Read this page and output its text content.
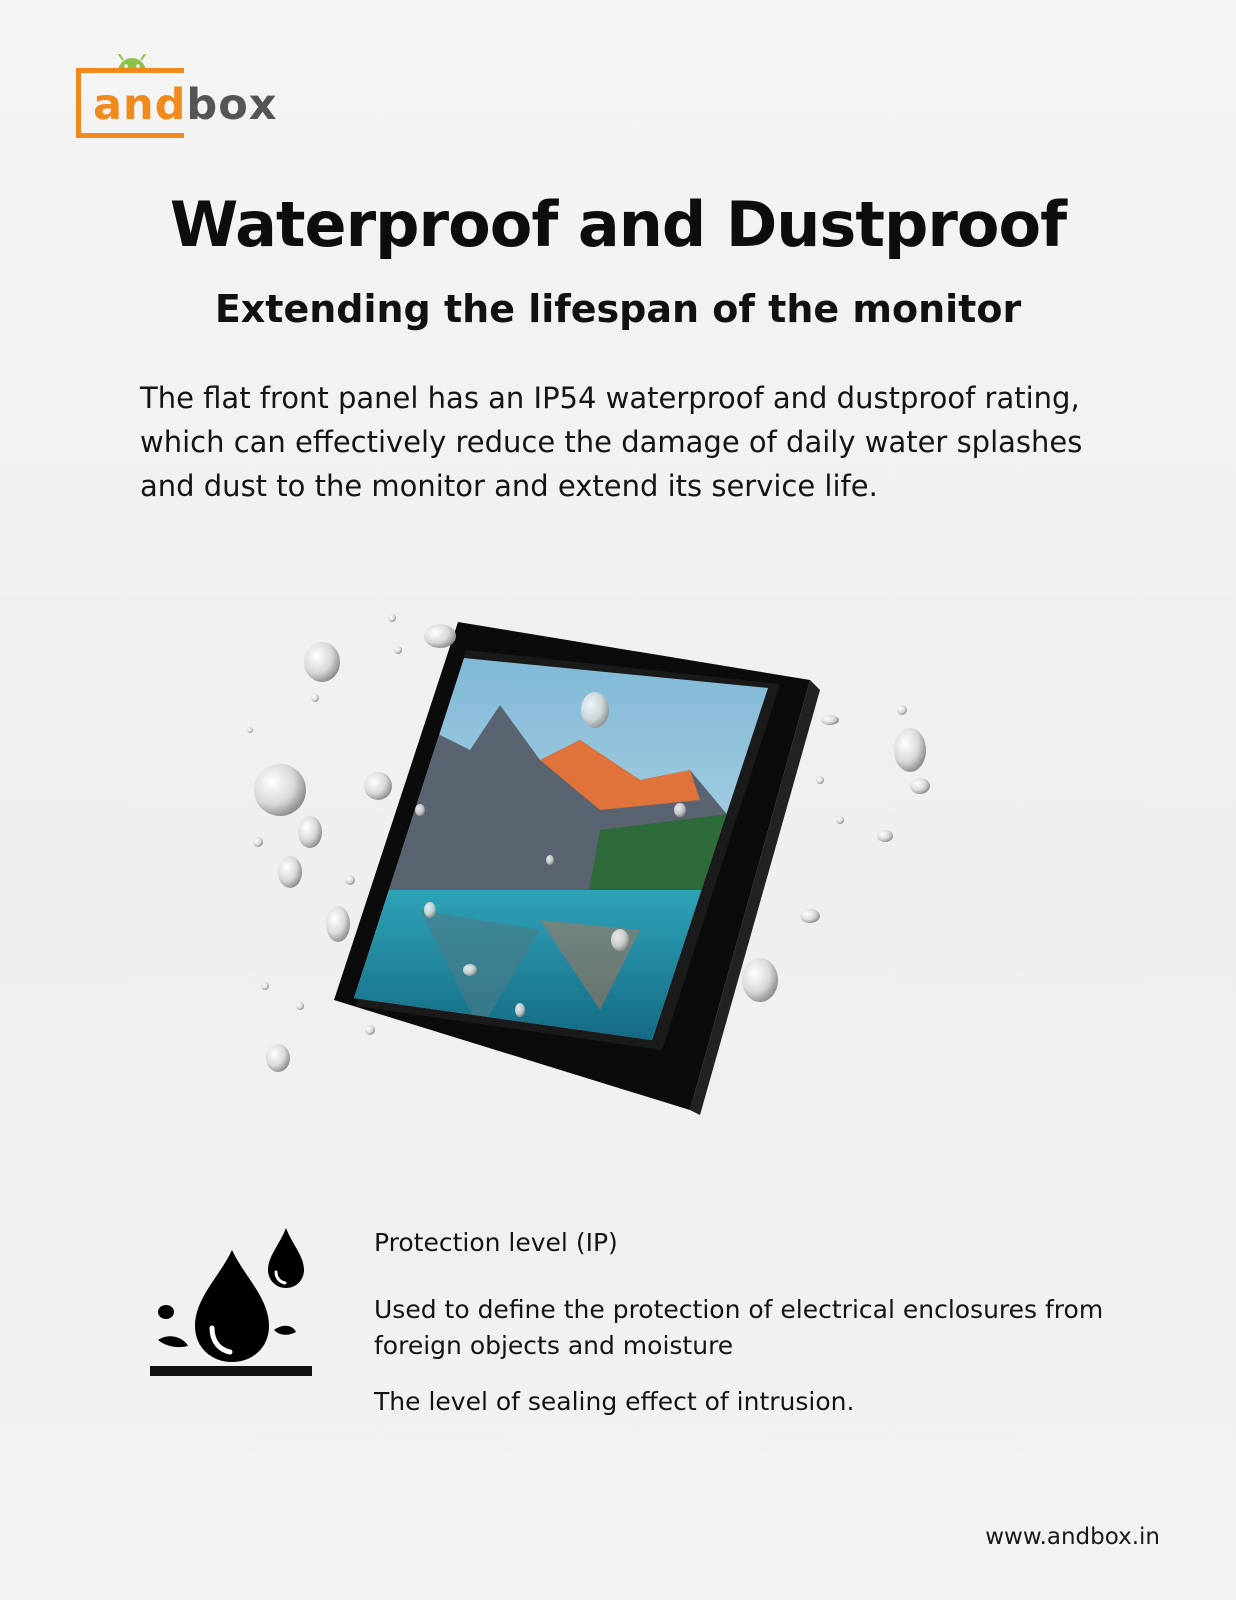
andbox
Waterproof and Dustproof
Extending the lifespan of the monitor

The flat front panel has an IP54 waterproof and dustproof rating, which can effectively reduce the damage of daily water splashes and dust to the monitor and extend its service life.

Protection level (IP)

Used to define the protection of electrical enclosures from foreign objects and moisture

The level of sealing effect of intrusion.

www.andbox.in
